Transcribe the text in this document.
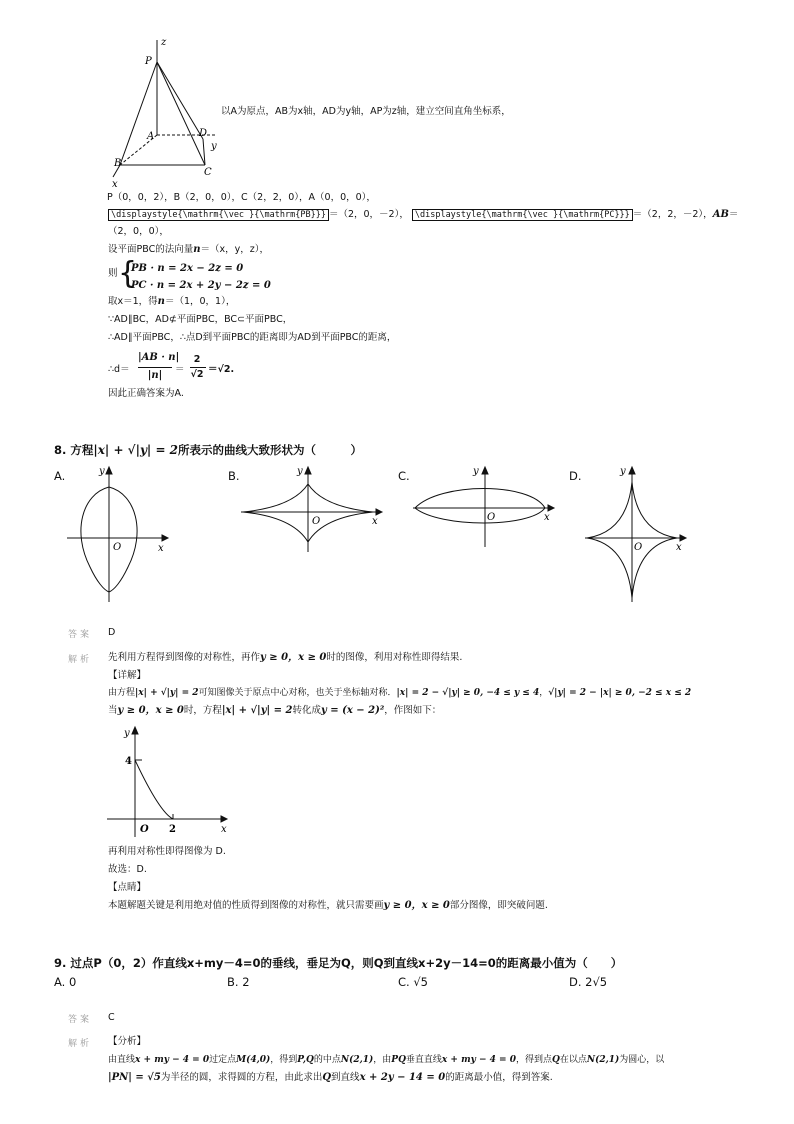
z
P
A	D
y
B
C
x
以A为原点，AB为x轴，AD为y轴，AP为z轴，建立空间直角坐标系，
P（0，0，2），B（2，0，0），C（2，2，0），A（0，0，0），
\displaystyle{\mathrm{\vec }{\mathrm{PB}}} ＝（2，0，－2）， \displaystyle{\mathrm{\vec }{\mathrm{PC}}} ＝（2，2，－2），AB＝
（2，0，0），
设平面PBC的法向量n＝（x，y，z），
则 {
PB · n = 2x − 2z = 0
PC · n = 2x + 2y − 2z = 0
取x＝1，得n＝（1，0，1），
∵AD∥BC，AD⊄平面PBC，BC⊂平面PBC，
∴AD∥平面PBC，∴点D到平面PBC的距离即为AD到平面PBC的距离，
∴d＝
|AB · n|
|n|
＝
2
√2 ＝√2.
因此正确答案为A.
8. 方程|x| + √|y| = 2所表示的曲线大致形状为（　　　）
A.	B.	C.	D.
y
x
O
y
x
O
y
x
O
y
x
O
答案 D
解析 先利用方程得到图像的对称性，再作y ≥ 0，x ≥ 0时的图像，利用对称性即得结果.
【详解】
由方程|x| + √|y| = 2可知图像关于原点中心对称，也关于坐标轴对称．|x| = 2 − √|y| ≥ 0, −4 ≤ y ≤ 4，√|y| = 2 − |x| ≥ 0, −2 ≤ x ≤ 2
当y ≥ 0，x ≥ 0时，方程|x| + √|y| = 2转化成y = (x − 2)²，作图如下：
y
x
O
4
2
再利用对称性即得图像为 D.
故选：D.
【点睛】
本题解题关键是利用绝对值的性质得到图像的对称性，就只需要画y ≥ 0，x ≥ 0部分图像，即突破问题.
9. 过点P（0，2）作直线x+my－4=0的垂线，垂足为Q，则Q到直线x+2y－14=0的距离最小值为（　　）
A. 0	B. 2	C. √5	D. 2√5
答案 C
解析 【分析】
由直线x + my − 4 = 0过定点M(4,0)，得到P,Q的中点N(2,1)，由PQ垂直直线x + my − 4 = 0，得到点Q在以点N(2,1)为圆心，以
|PN| = √5为半径的圆，求得圆的方程，由此求出Q到直线x + 2y − 14 = 0的距离最小值，得到答案.
